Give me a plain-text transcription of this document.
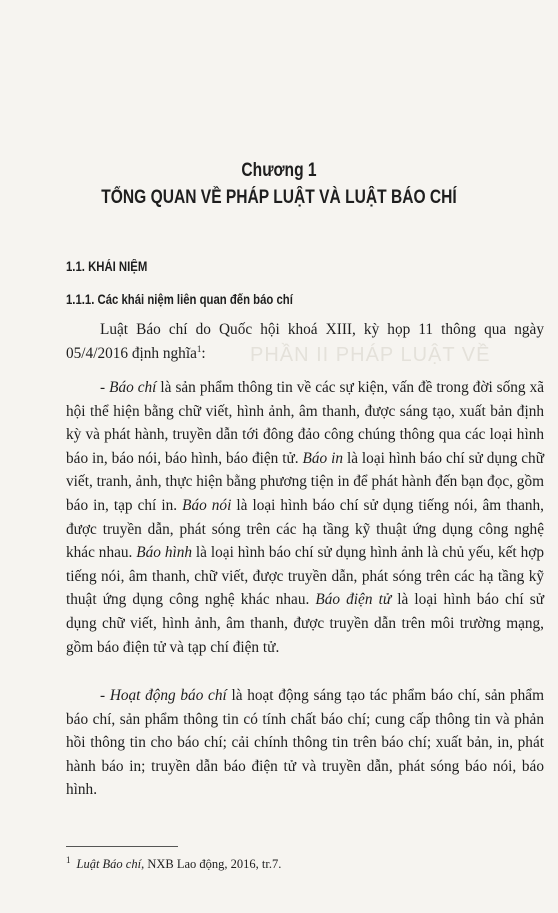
PHẦN II PHÁP LUẬT VỀ
Chương 1
TỔNG QUAN VỀ PHÁP LUẬT VÀ LUẬT BÁO CHÍ
1.1. KHÁI NIỆM
1.1.1. Các khái niệm liên quan đến báo chí

Luật Báo chí do Quốc hội khoá XIII, kỳ họp 11 thông qua ngày 05/4/2016 định nghĩa$^1$:

- Báo chí là sản phẩm thông tin về các sự kiện, vấn đề trong đời sống xã hội thể hiện bằng chữ viết, hình ảnh, âm thanh, được sáng tạo, xuất bản định kỳ và phát hành, truyền dẫn tới đông đảo công chúng thông qua các loại hình báo in, báo nói, báo hình, báo điện tử. Báo in là loại hình báo chí sử dụng chữ viết, tranh, ảnh, thực hiện bằng phương tiện in để phát hành đến bạn đọc, gồm báo in, tạp chí in. Báo nói là loại hình báo chí sử dụng tiếng nói, âm thanh, được truyền dẫn, phát sóng trên các hạ tầng kỹ thuật ứng dụng công nghệ khác nhau. Báo hình là loại hình báo chí sử dụng hình ảnh là chủ yếu, kết hợp tiếng nói, âm thanh, chữ viết, được truyền dẫn, phát sóng trên các hạ tầng kỹ thuật ứng dụng công nghệ khác nhau. Báo điện tử là loại hình báo chí sử dụng chữ viết, hình ảnh, âm thanh, được truyền dẫn trên môi trường mạng, gồm báo điện tử và tạp chí điện tử.

- Hoạt động báo chí là hoạt động sáng tạo tác phẩm báo chí, sản phẩm báo chí, sản phẩm thông tin có tính chất báo chí; cung cấp thông tin và phản hồi thông tin cho báo chí; cải chính thông tin trên báo chí; xuất bản, in, phát hành báo in; truyền dẫn báo điện tử và truyền dẫn, phát sóng báo nói, báo hình.

$^1$ Luật Báo chí, NXB Lao động, 2016, tr.7.
